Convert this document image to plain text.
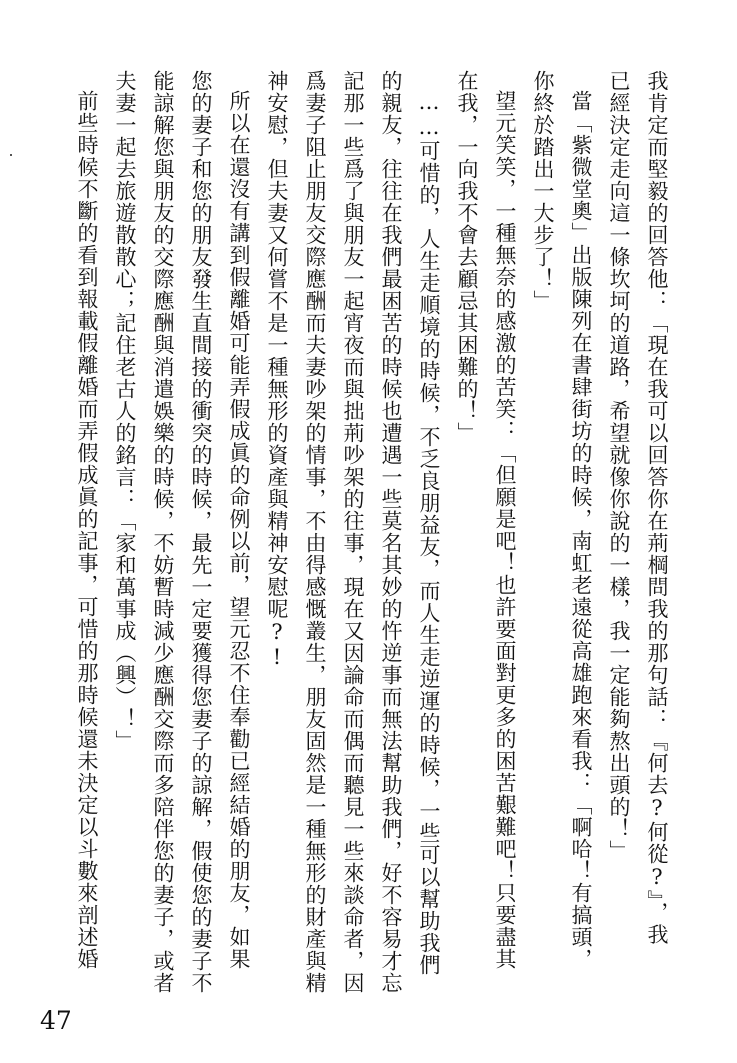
我肯定而堅毅的回答他：「現在我可以回答你在荊棡問我的那句話：『何去?何從?』，我
已經決定走向這一條坎坷的道路，希望就像你說的一樣，我一定能夠熬出頭的！」
當「紫微堂奧」出版陳列在書肆街坊的時候，南虹老遠從高雄跑來看我：「啊哈！有搞頭，
你終於踏出一大步了！」
望元笑笑，一種無奈的感激的苦笑：「但願是吧！也許要面對更多的困苦艱難吧！只要盡其
在我，一向我不會去顧忌其困難的！」
……可惜的，人生走順境的時候，不乏良朋益友，而人生走逆運的時候，一些可以幫助我們
的親友，往往在我們最困苦的時候也遭遇一些莫名其妙的忤逆事而無法幫助我們，好不容易才忘
記那一些爲了與朋友一起宵夜而與拙荊吵架的往事，現在又因論命而偶而聽見一些來談命者，因
爲妻子阻止朋友交際應酬而夫妻吵架的情事，不由得感慨叢生，朋友固然是一種無形的財產與精
神安慰，但夫妻又何嘗不是一種無形的資產與精神安慰呢?!
所以在還沒有講到假離婚可能弄假成眞的命例以前，望元忍不住奉勸已經結婚的朋友，如果
您的妻子和您的朋友發生直間接的衝突的時候，最先一定要獲得您妻子的諒解，假使您的妻子不
能諒解您與朋友的交際應酬與消遣娛樂的時候，不妨暫時減少應酬交際而多陪伴您的妻子，或者
夫妻一起去旅遊散散心；記住老古人的銘言：「家和萬事成（興）！」
前些時候不斷的看到報載假離婚而弄假成眞的記事，可惜的那時候還未決定以斗數來剖述婚
47
